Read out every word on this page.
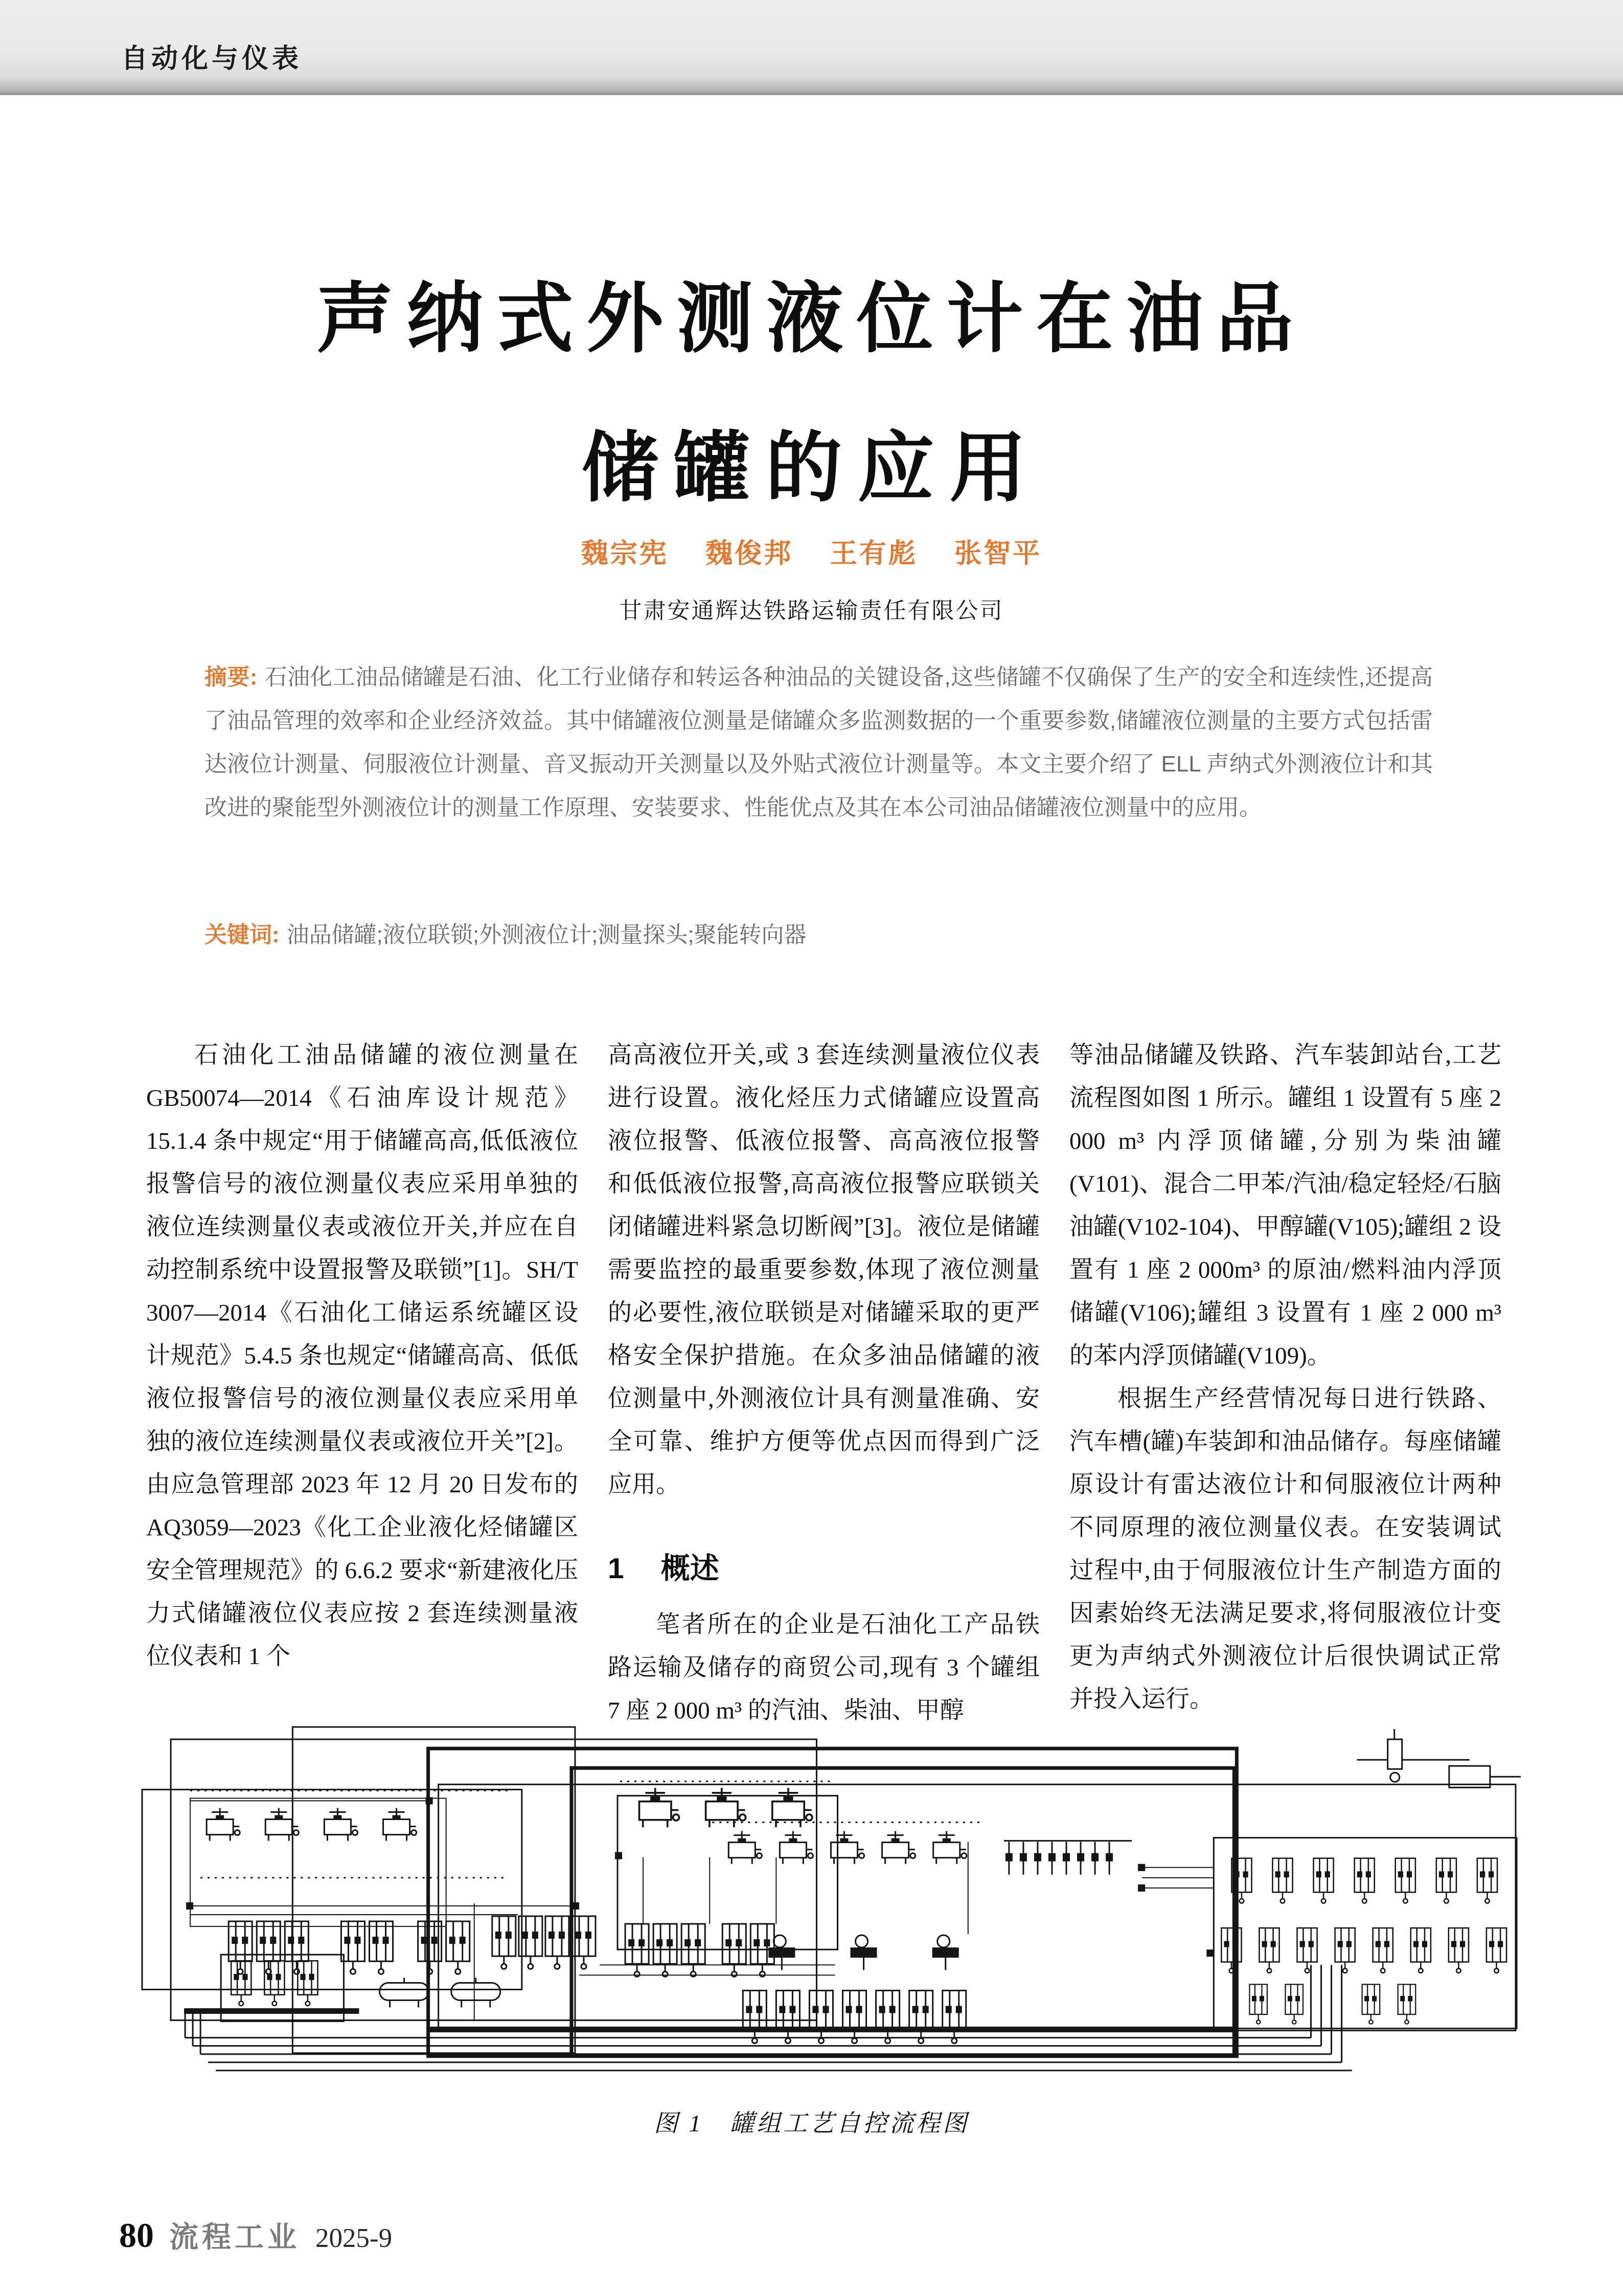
自动化与仪表
声纳式外测液位计在油品
储罐的应用
魏宗宪 魏俊邦 王有彪 张智平
甘肃安通辉达铁路运输责任有限公司
摘要: 石油化工油品储罐是石油、化工行业储存和转运各种油品的关键设备,这些储罐不仅确保了生产的安全和连续性,还提高了油品管理的效率和企业经济效益。其中储罐液位测量是储罐众多监测数据的一个重要参数,储罐液位测量的主要方式包括雷达液位计测量、伺服液位计测量、音叉振动开关测量以及外贴式液位计测量等。本文主要介绍了 ELL 声纳式外测液位计和其改进的聚能型外测液位计的测量工作原理、安装要求、性能优点及其在本公司油品储罐液位测量中的应用。
关键词: 油品储罐;液位联锁;外测液位计;测量探头;聚能转向器

石油化工油品储罐的液位测量在 GB50074—2014《石油库设计规范》15.1.4 条中规定“用于储罐高高,低低液位报警信号的液位测量仪表应采用单独的液位连续测量仪表或液位开关,并应在自动控制系统中设置报警及联锁”[1]。SH/T 3007—2014《石油化工储运系统罐区设计规范》5.4.5 条也规定“储罐高高、低低液位报警信号的液位测量仪表应采用单独的液位连续测量仪表或液位开关”[2]。由应急管理部 2023 年 12 月 20 日发布的 AQ3059—2023《化工企业液化烃储罐区安全管理规范》的 6.6.2 要求“新建液化压力式储罐液位仪表应按 2 套连续测量液位仪表和 1 个

高高液位开关,或 3 套连续测量液位仪表进行设置。液化烃压力式储罐应设置高液位报警、低液位报警、高高液位报警和低低液位报警,高高液位报警应联锁关闭储罐进料紧急切断阀”[3]。液位是储罐需要监控的最重要参数,体现了液位测量的必要性,液位联锁是对储罐采取的更严格安全保护措施。在众多油品储罐的液位测量中,外测液位计具有测量准确、安全可靠、维护方便等优点因而得到广泛应用。

1 概述

笔者所在的企业是石油化工产品铁路运输及储存的商贸公司,现有 3 个罐组 7 座 2 000 m³ 的汽油、柴油、甲醇

等油品储罐及铁路、汽车装卸站台,工艺流程图如图 1 所示。罐组 1 设置有 5 座 2 000 m³ 内浮顶储罐,分别为柴油罐(V101)、混合二甲苯/汽油/稳定轻烃/石脑油罐(V102-104)、甲醇罐(V105);罐组 2 设置有 1 座 2 000m³ 的原油/燃料油内浮顶储罐(V106);罐组 3 设置有 1 座 2 000 m³ 的苯内浮顶储罐(V109)。

根据生产经营情况每日进行铁路、汽车槽(罐)车装卸和油品储存。每座储罐原设计有雷达液位计和伺服液位计两种不同原理的液位测量仪表。在安装调试过程中,由于伺服液位计生产制造方面的因素始终无法满足要求,将伺服液位计变更为声纳式外测液位计后很快调试正常并投入运行。

图 1　罐组工艺自控流程图
80 流程工业 2025-9
